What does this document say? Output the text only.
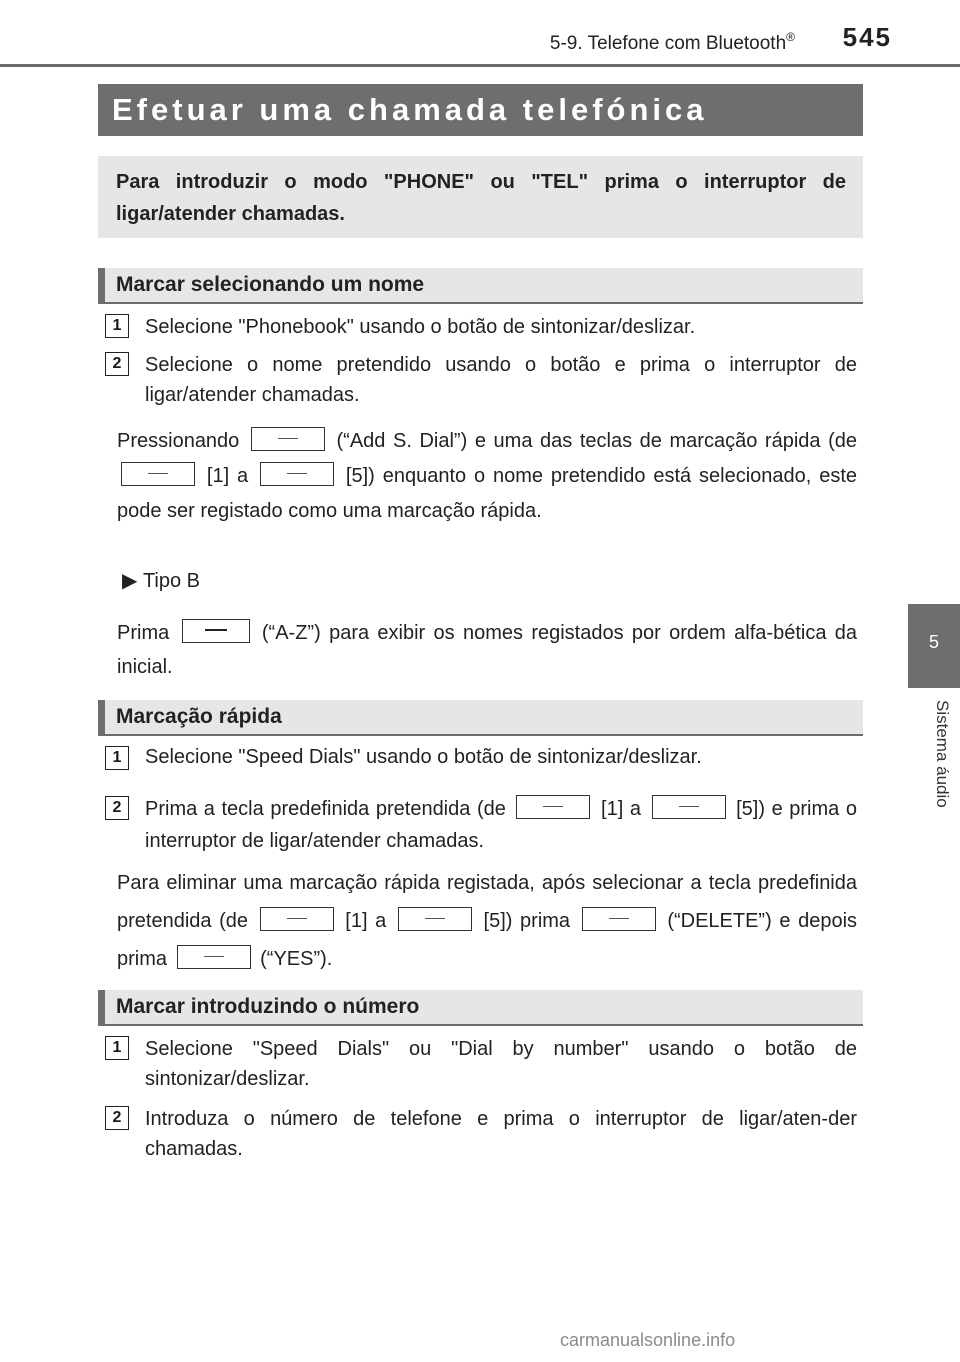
5-9. Telefone com Bluetooth®	545
5
Sistema áudio
Efetuar uma chamada telefónica
Para introduzir o modo "PHONE" ou "TEL" prima o interruptor de ligar/atender chamadas.
Marcar selecionando um nome
1	Selecione "Phonebook" usando o botão de sintonizar/deslizar.
2	Selecione o nome pretendido usando o botão e prima o interruptor de ligar/atender chamadas.
Pressionando	(“Add S. Dial”) e uma das teclas de marcação rápida (de  [1] a	[5]) enquanto o nome pretendido está selecionado, este pode ser registado como uma marcação rápida.
▶ Tipo B
Prima	(“A-Z”) para exibir os nomes registados por ordem alfa-bética da inicial.
Marcação rápida
1	Selecione "Speed Dials" usando o botão de sintonizar/deslizar.
2	Prima a tecla predefinida pretendida (de	[1] a	[5]) e prima o interruptor de ligar/atender chamadas.
Para eliminar uma marcação rápida registada, após selecionar a tecla predefinida pretendida (de	[1] a	[5]) prima	(“DELETE”) e depois prima	(“YES”).
Marcar introduzindo o número
1	Selecione "Speed Dials" ou "Dial by number" usando o botão de sintonizar/deslizar.
2	Introduza o número de telefone e prima o interruptor de ligar/aten-der chamadas.
carmanualsonline.info
